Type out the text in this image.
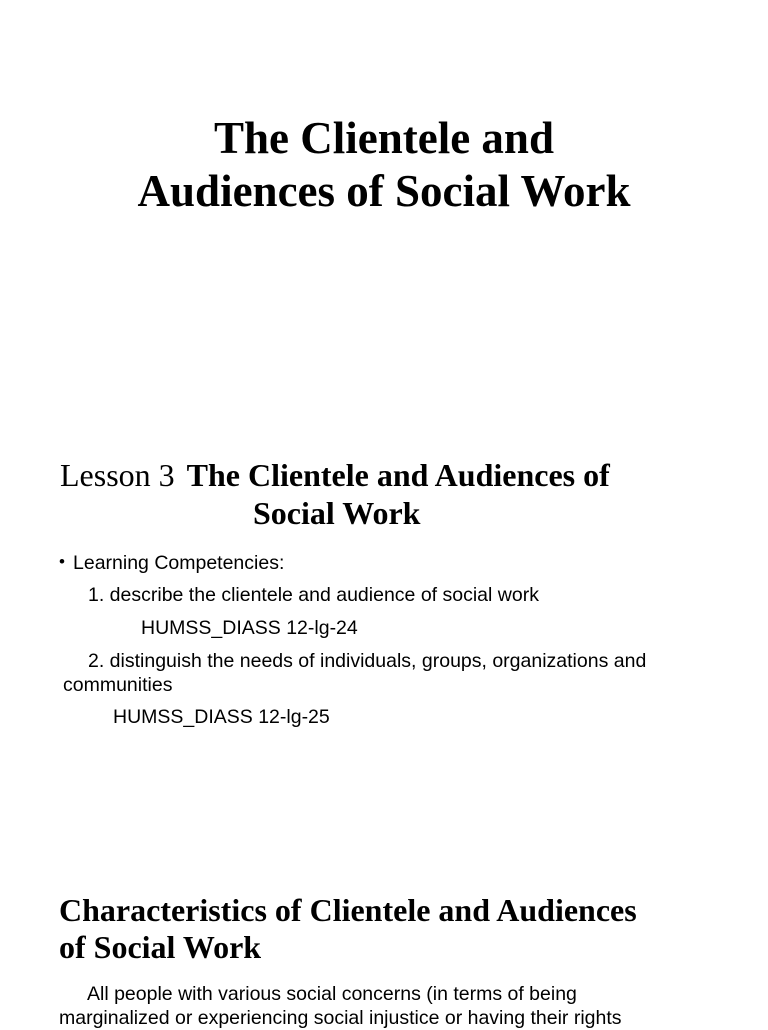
The Clientele and
Audiences of Social Work
Lesson 3 The Clientele and Audiences of
Social Work
• Learning Competencies:
1. describe the clientele and audience of social work
HUMSS_DIASS 12-lg-24
2. distinguish the needs of individuals, groups, organizations and
communities
HUMSS_DIASS 12-lg-25
Characteristics of Clientele and Audiences
of Social Work

All people with various social concerns (in terms of being
marginalized or experiencing social injustice or having their rights
